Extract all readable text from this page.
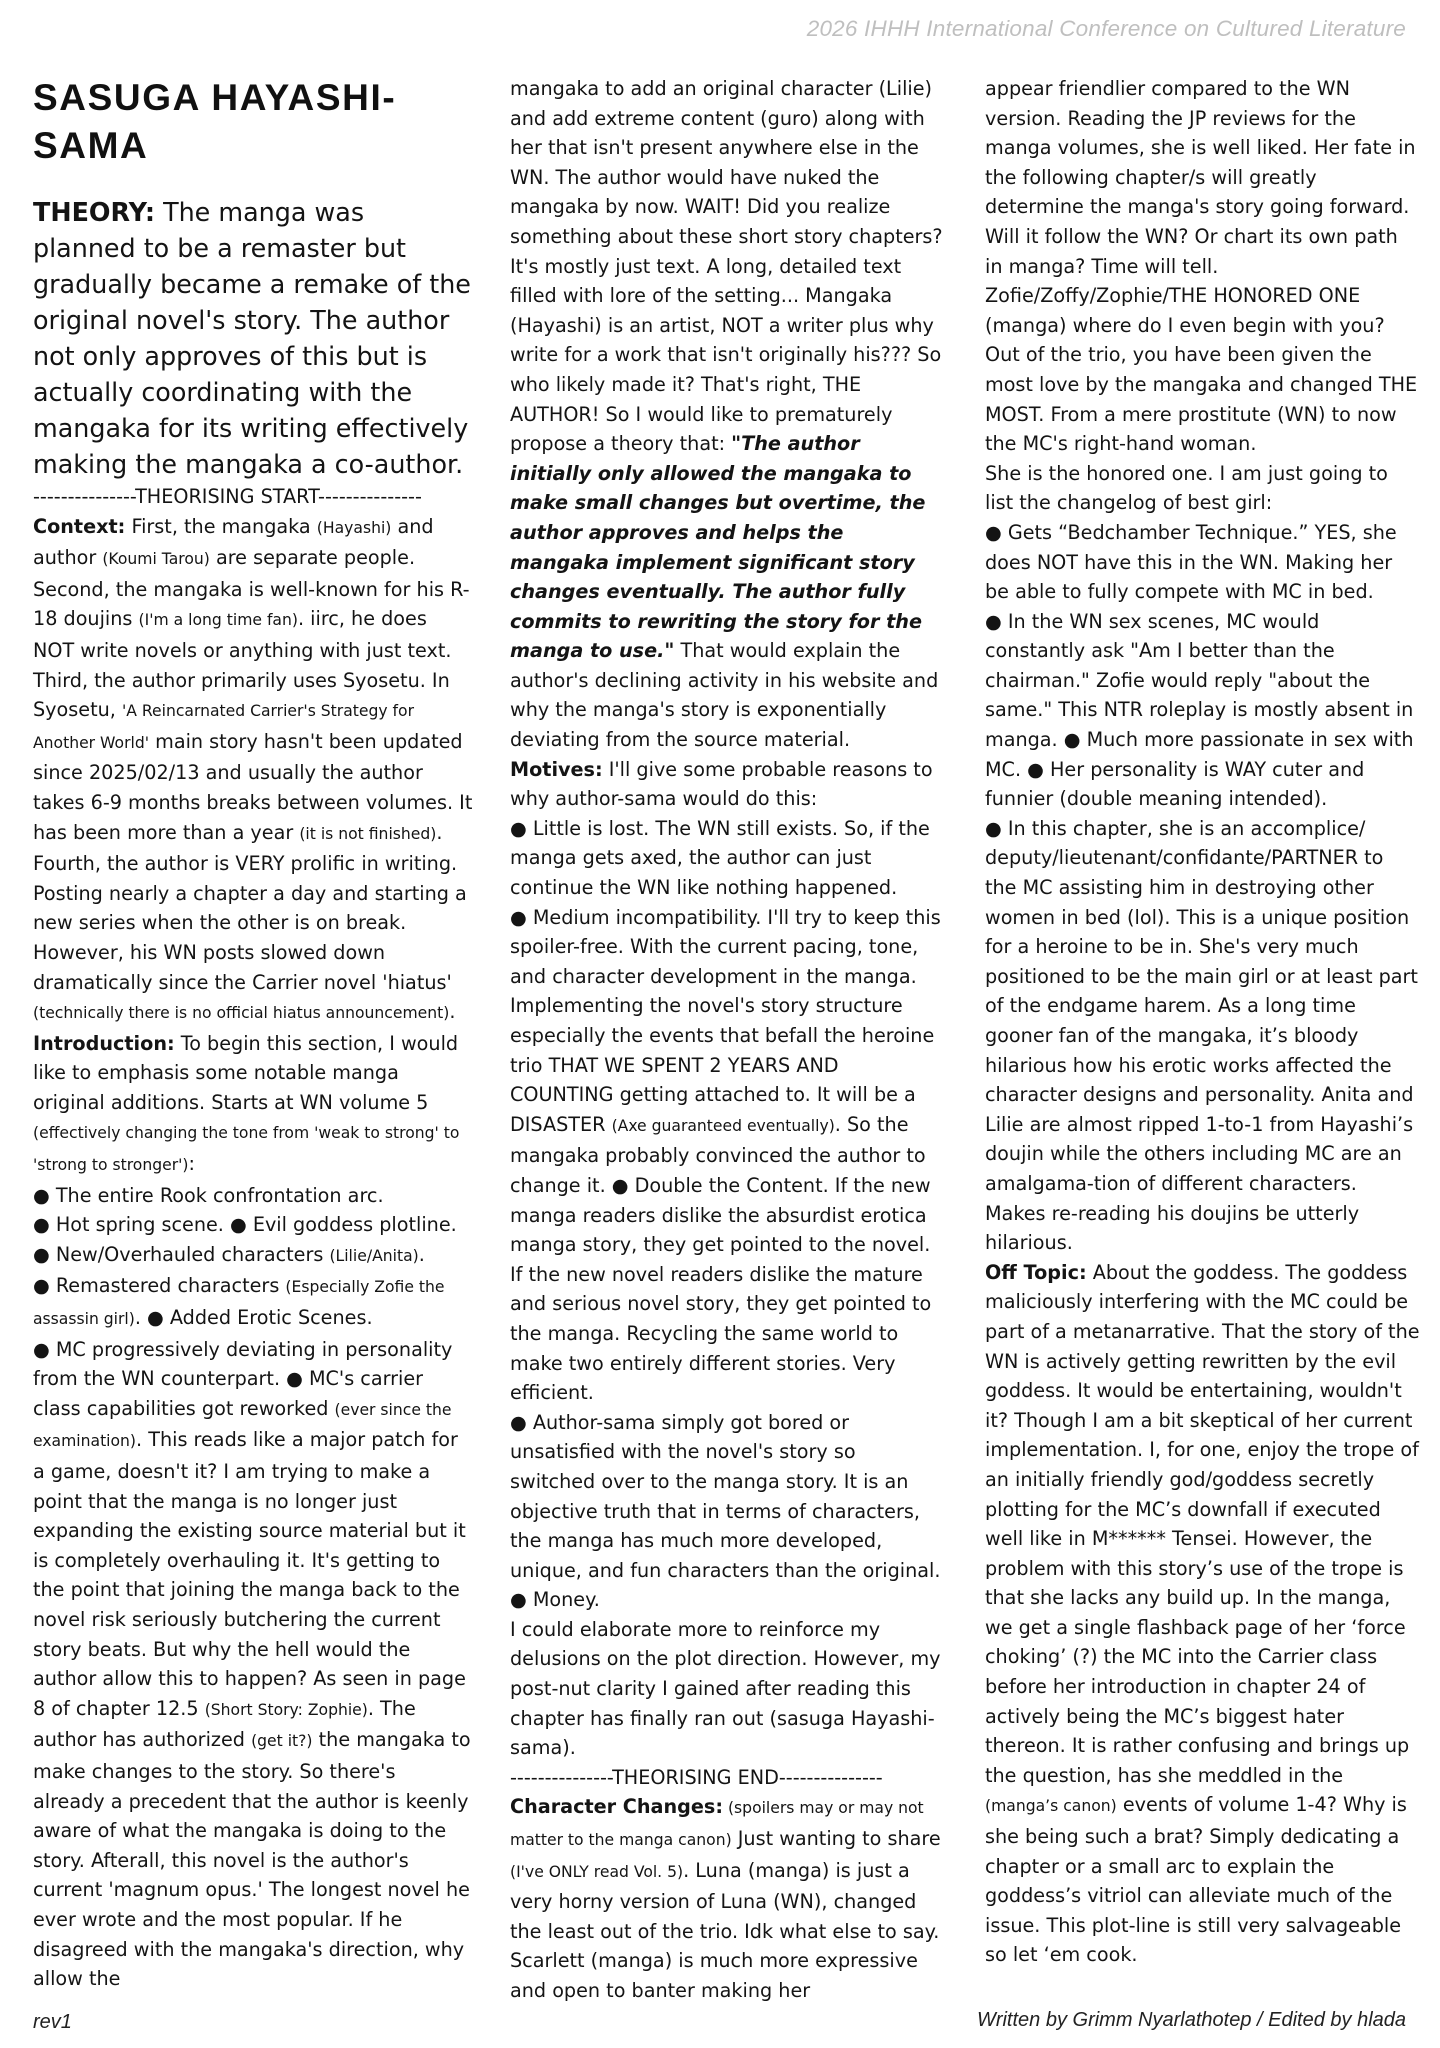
2026 IHHH International Conference on Cultured Literature
SASUGA HAYASHI-SAMA

THEORY: The manga was planned to be a remaster but gradually became a remake of the original novel's story. The author not only approves of this but is actually coordinating with the mangaka for its writing effectively making the mangaka a co-author.

---------------THEORISING START---------------

Context: First, the mangaka (Hayashi) and author (Koumi Tarou) are separate people. Second, the mangaka is well-known for his R-18 doujins (I'm a long time fan). iirc, he does NOT write novels or anything with just text. Third, the author primarily uses Syosetu. In Syosetu, 'A Reincarnated Carrier's Strategy for Another World' main story hasn't been updated since 2025/02/13 and usually the author takes 6-9 months breaks between volumes. It has been more than a year (it is not finished). Fourth, the author is VERY prolific in writing. Posting nearly a chapter a day and starting a new series when the other is on break. However, his WN posts slowed down dramatically since the Carrier novel 'hiatus' (technically there is no official hiatus announcement).

Introduction: To begin this section, I would like to emphasis some notable manga original additions. Starts at WN volume 5 (effectively changing the tone from 'weak to strong' to 'strong to stronger'):

● The entire Rook confrontation arc.

● Hot spring scene. ● Evil goddess plotline.

● New/Overhauled characters (Lilie/Anita).

● Remastered characters (Especially Zofie the assassin girl). ● Added Erotic Scenes.

● MC progressively deviating in personality from the WN counterpart. ● MC's carrier class capabilities got reworked (ever since the examination). This reads like a major patch for a game, doesn't it? I am trying to make a point that the manga is no longer just expanding the existing source material but it is completely overhauling it. It's getting to the point that joining the manga back to the novel risk seriously butchering the current story beats. But why the hell would the author allow this to happen? As seen in page 8 of chapter 12.5 (Short Story: Zophie). The author has authorized (get it?) the mangaka to make changes to the story. So there's already a precedent that the author is keenly aware of what the mangaka is doing to the story. Afterall, this novel is the author's current 'magnum opus.' The longest novel he ever wrote and the most popular. If he disagreed with the mangaka's direction, why allow the

mangaka to add an original character (Lilie) and add extreme content (guro) along with her that isn't present anywhere else in the WN. The author would have nuked the mangaka by now. WAIT! Did you realize something about these short story chapters? It's mostly just text. A long, detailed text filled with lore of the setting... Mangaka (Hayashi) is an artist, NOT a writer plus why write for a work that isn't originally his??? So who likely made it? That's right, THE AUTHOR! So I would like to prematurely propose a theory that: "The author initially only allowed the mangaka to make small changes but overtime, the author approves and helps the mangaka implement significant story changes eventually. The author fully commits to rewriting the story for the manga to use." That would explain the author's declining activity in his website and why the manga's story is exponentially deviating from the source material.

Motives: I'll give some probable reasons to why author-sama would do this:

● Little is lost. The WN still exists. So, if the manga gets axed, the author can just continue the WN like nothing happened.

● Medium incompatibility. I'll try to keep this spoiler-free. With the current pacing, tone, and character development in the manga. Implementing the novel's story structure especially the events that befall the heroine trio THAT WE SPENT 2 YEARS AND COUNTING getting attached to. It will be a DISASTER (Axe guaranteed eventually). So the mangaka probably convinced the author to change it. ● Double the Content. If the new manga readers dislike the absurdist erotica manga story, they get pointed to the novel. If the new novel readers dislike the mature and serious novel story, they get pointed to the manga. Recycling the same world to make two entirely different stories. Very efficient.

● Author-sama simply got bored or unsatisfied with the novel's story so switched over to the manga story. It is an objective truth that in terms of characters, the manga has much more developed, unique, and fun characters than the original. ● Money.

I could elaborate more to reinforce my delusions on the plot direction. However, my post-nut clarity I gained after reading this chapter has finally ran out (sasuga Hayashi-sama).

---------------THEORISING END---------------

Character Changes: (spoilers may or may not matter to the manga canon) Just wanting to share (I've ONLY read Vol. 5). Luna (manga) is just a very horny version of Luna (WN), changed the least out of the trio. Idk what else to say. Scarlett (manga) is much more expressive and open to banter making her

appear friendlier compared to the WN version. Reading the JP reviews for the manga volumes, she is well liked. Her fate in the following chapter/s will greatly determine the manga's story going forward. Will it follow the WN? Or chart its own path in manga? Time will tell. Zofie/Zoffy/Zophie/THE HONORED ONE (manga) where do I even begin with you? Out of the trio, you have been given the most love by the mangaka and changed THE MOST. From a mere prostitute (WN) to now the MC's right-hand woman.

She is the honored one. I am just going to list the changelog of best girl:

● Gets “Bedchamber Technique.” YES, she does NOT have this in the WN. Making her be able to fully compete with MC in bed.

● In the WN sex scenes, MC would constantly ask "Am I better than the chairman." Zofie would reply "about the same." This NTR roleplay is mostly absent in manga. ● Much more passionate in sex with MC. ● Her personality is WAY cuter and funnier (double meaning intended).

● In this chapter, she is an accomplice/ deputy/lieutenant/confidante/PARTNER to the MC assisting him in destroying other women in bed (lol). This is a unique position for a heroine to be in. She's very much positioned to be the main girl or at least part of the endgame harem. As a long time gooner fan of the mangaka, it’s bloody hilarious how his erotic works affected the character designs and personality. Anita and Lilie are almost ripped 1-to-1 from Hayashi’s doujin while the others including MC are an amalgama-tion of different characters. Makes re-reading his doujins be utterly hilarious.

Off Topic: About the goddess. The goddess maliciously interfering with the MC could be part of a metanarrative. That the story of the WN is actively getting rewritten by the evil goddess. It would be entertaining, wouldn't it? Though I am a bit skeptical of her current implementation. I, for one, enjoy the trope of an initially friendly god/goddess secretly plotting for the MC’s downfall if executed well like in M****** Tensei. However, the problem with this story’s use of the trope is that she lacks any build up. In the manga, we get a single flashback page of her ‘force choking’ (?) the MC into the Carrier class before her introduction in chapter 24 of actively being the MC’s biggest hater thereon. It is rather confusing and brings up the question, has she meddled in the (manga’s canon) events of volume 1-4? Why is she being such a brat? Simply dedicating a chapter or a small arc to explain the goddess’s vitriol can alleviate much of the issue. This plot-line is still very salvageable so let ‘em cook.

rev1	Written by Grimm Nyarlathotep / Edited by hlada
